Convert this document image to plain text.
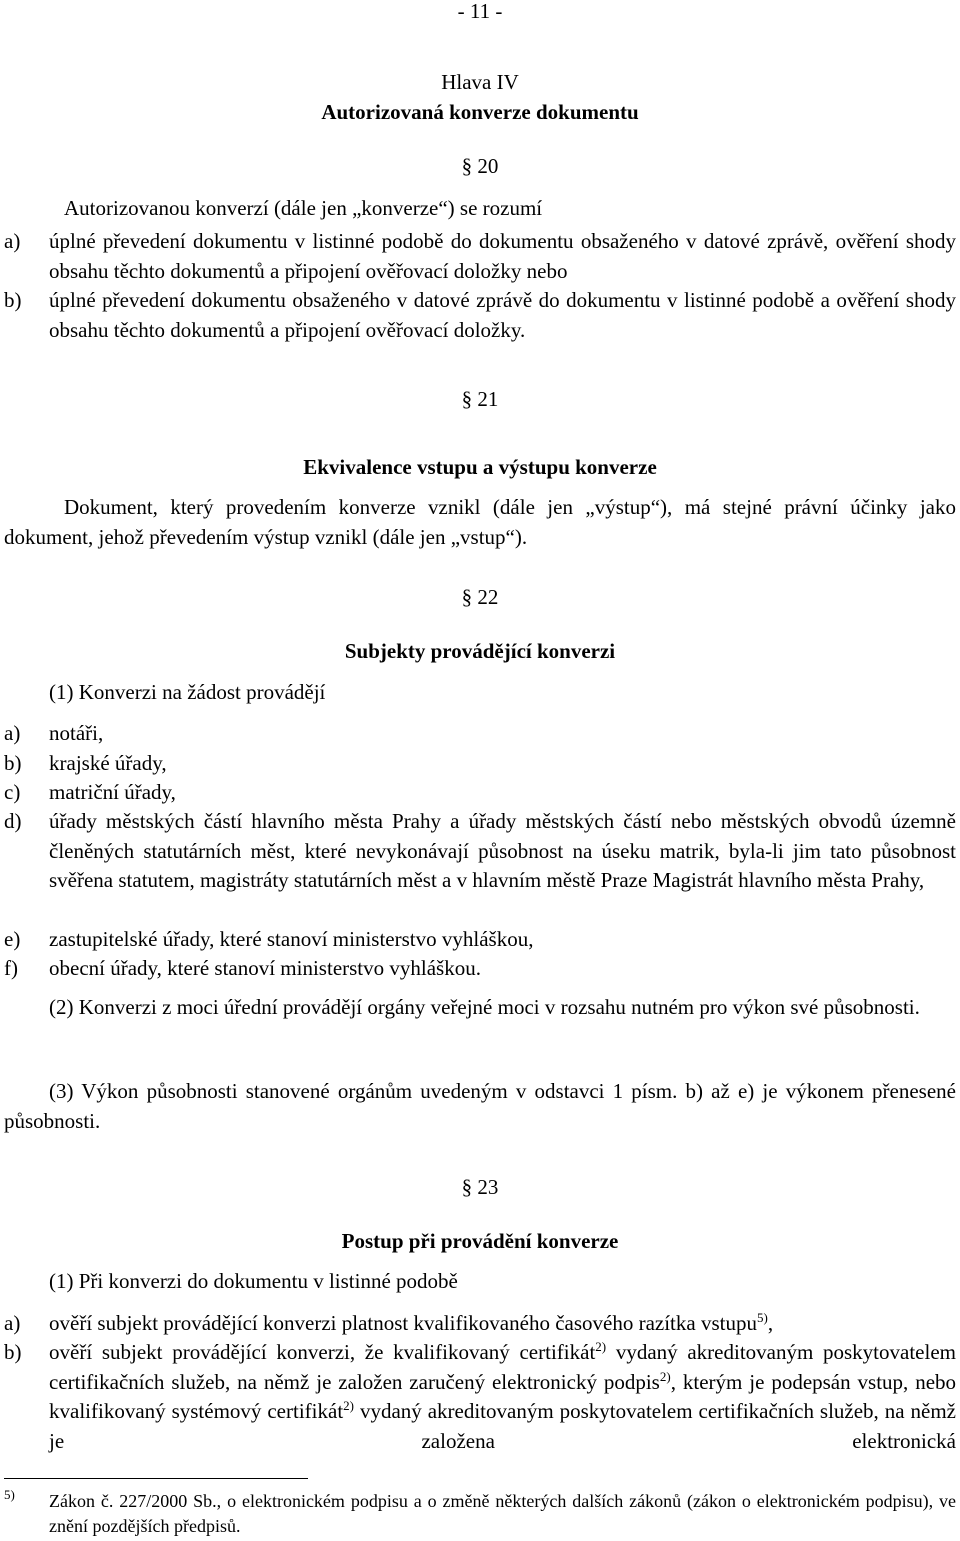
- 11 -
Hlava IV
Autorizovaná konverze dokumentu
§ 20
Autorizovanou konverzí (dále jen „konverze“) se rozumí
a) úplné převedení dokumentu v listinné podobě do dokumentu obsaženého v datové zprávě, ověření shody obsahu těchto dokumentů a připojení ověřovací doložky nebo
b) úplné převedení dokumentu obsaženého v datové zprávě do dokumentu v listinné podobě a ověření shody obsahu těchto dokumentů a připojení ověřovací doložky.
§ 21
Ekvivalence vstupu a výstupu konverze
Dokument, který provedením konverze vznikl (dále jen „výstup“), má stejné právní účinky jako dokument, jehož převedením výstup vznikl (dále jen „vstup“).
§ 22
Subjekty provádějící konverzi
(1) Konverzi na žádost provádějí
a) notáři,
b) krajské úřady,
c) matriční úřady,
d) úřady městských částí hlavního města Prahy a úřady městských částí nebo městských obvodů územně členěných statutárních měst, které nevykonávají působnost na úseku matrik, byla-li jim tato působnost svěřena statutem, magistráty statutárních měst a v hlavním městě Praze Magistrát hlavního města Prahy,
e) zastupitelské úřady, které stanoví ministerstvo vyhláškou,
f) obecní úřady, které stanoví ministerstvo vyhláškou.
(2) Konverzi z moci úřední provádějí orgány veřejné moci v rozsahu nutném pro výkon své působnosti.
(3) Výkon působnosti stanovené orgánům uvedeným v odstavci 1 písm. b) až e) je výkonem přenesené působnosti.
§ 23
Postup při provádění konverze
(1) Při konverzi do dokumentu v listinné podobě
a) ověří subjekt provádějící konverzi platnost kvalifikovaného časového razítka vstupu$^{5)}$,
b) ověří subjekt provádějící konverzi, že kvalifikovaný certifikát$^{2)}$ vydaný akreditovaným poskytovatelem certifikačních služeb, na němž je založen zaručený elektronický podpis$^{2)}$, kterým je podepsán vstup, nebo kvalifikovaný systémový certifikát$^{2)}$ vydaný akreditovaným poskytovatelem certifikačních služeb, na němž je založena elektronická
5) Zákon č. 227/2000 Sb., o elektronickém podpisu a o změně některých dalších zákonů (zákon o elektronickém podpisu), ve znění pozdějších předpisů.
